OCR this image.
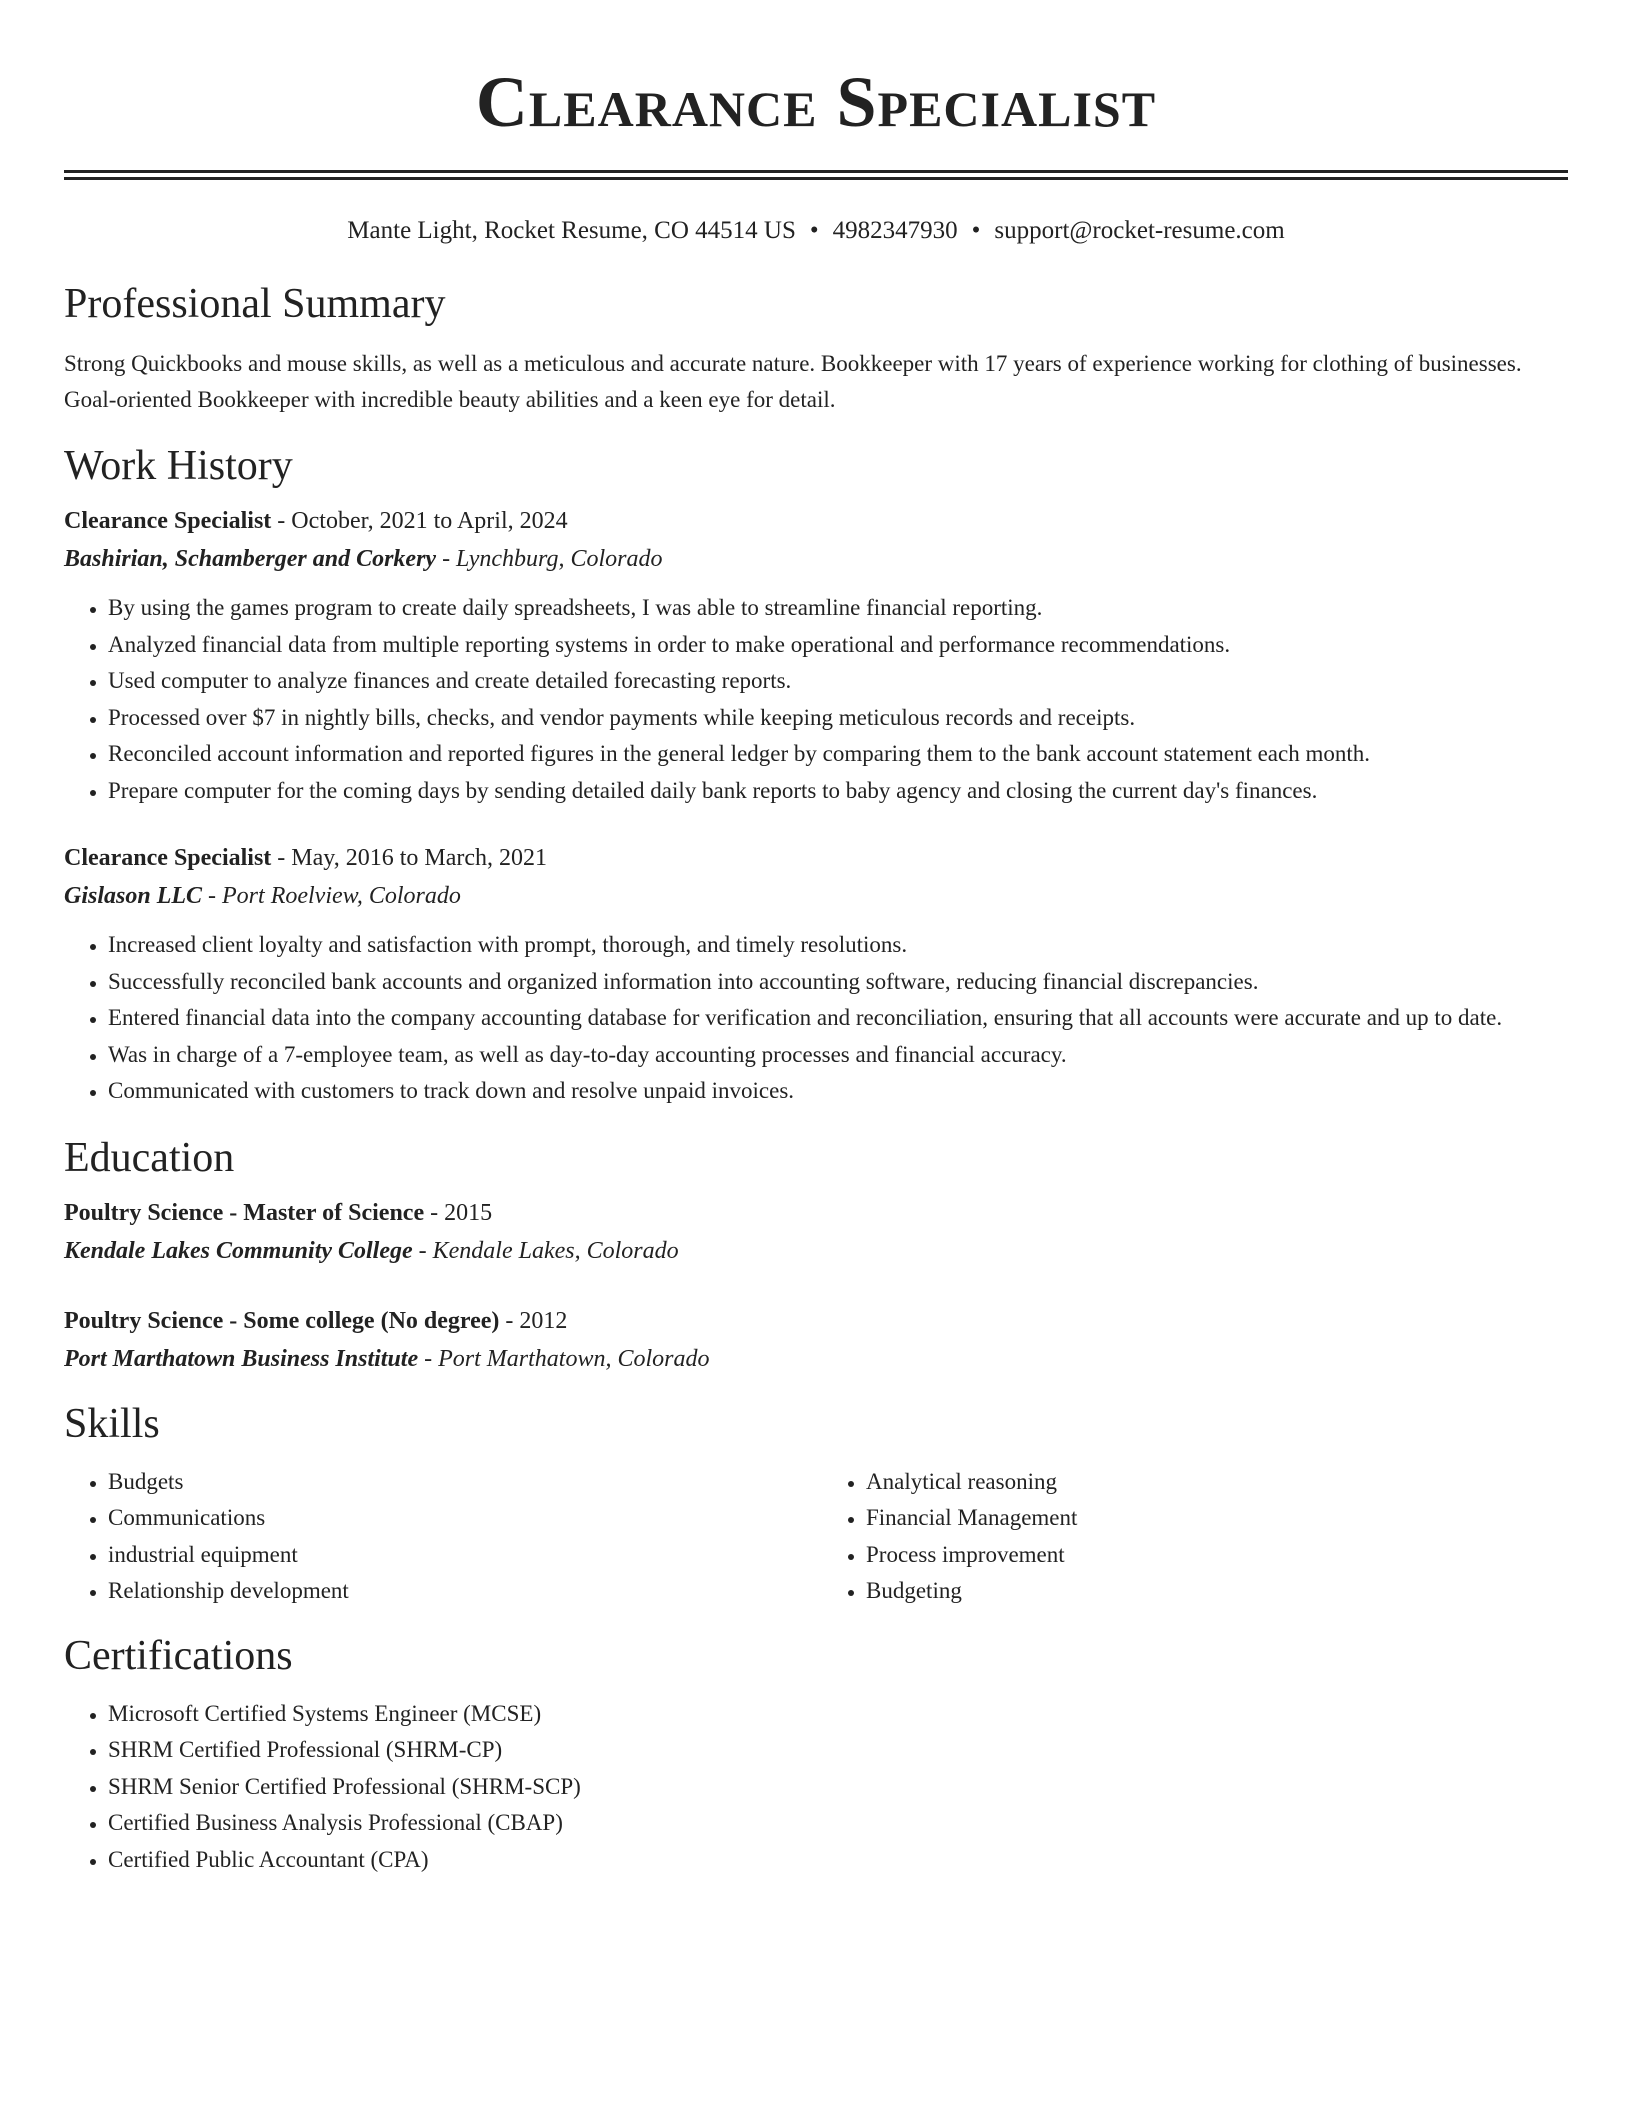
Clearance Specialist
Mante Light, Rocket Resume, CO 44514 US • 4982347930 • support@rocket-resume.com
Professional Summary

Strong Quickbooks and mouse skills, as well as a meticulous and accurate nature. Bookkeeper with 17 years of experience working for clothing of businesses. Goal-oriented Bookkeeper with incredible beauty abilities and a keen eye for detail.

Work History
Clearance Specialist - October, 2021 to April, 2024
Bashirian, Schamberger and Corkery - Lynchburg, Colorado
• By using the games program to create daily spreadsheets, I was able to streamline financial reporting.
• Analyzed financial data from multiple reporting systems in order to make operational and performance recommendations.
• Used computer to analyze finances and create detailed forecasting reports.
• Processed over $7 in nightly bills, checks, and vendor payments while keeping meticulous records and receipts.
• Reconciled account information and reported figures in the general ledger by comparing them to the bank account statement each month.
• Prepare computer for the coming days by sending detailed daily bank reports to baby agency and closing the current day's finances.
Clearance Specialist - May, 2016 to March, 2021
Gislason LLC - Port Roelview, Colorado
• Increased client loyalty and satisfaction with prompt, thorough, and timely resolutions.
• Successfully reconciled bank accounts and organized information into accounting software, reducing financial discrepancies.
• Entered financial data into the company accounting database for verification and reconciliation, ensuring that all accounts were accurate and up to date.
• Was in charge of a 7-employee team, as well as day-to-day accounting processes and financial accuracy.
• Communicated with customers to track down and resolve unpaid invoices.
Education
Poultry Science - Master of Science - 2015
Kendale Lakes Community College - Kendale Lakes, Colorado
Poultry Science - Some college (No degree) - 2012
Port Marthatown Business Institute - Port Marthatown, Colorado
Skills
• Budgets
• Communications
• industrial equipment
• Relationship development
• Analytical reasoning
• Financial Management
• Process improvement
• Budgeting
Certifications
• Microsoft Certified Systems Engineer (MCSE)
• SHRM Certified Professional (SHRM-CP)
• SHRM Senior Certified Professional (SHRM-SCP)
• Certified Business Analysis Professional (CBAP)
• Certified Public Accountant (CPA)
